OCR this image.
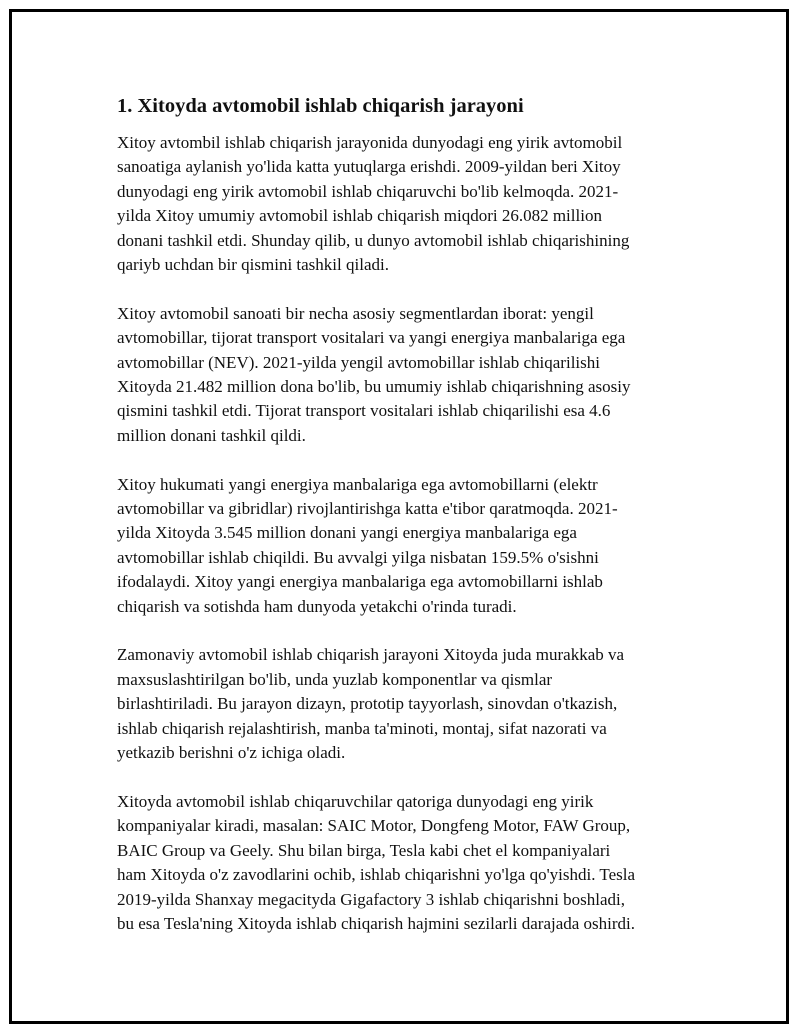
1. Xitoyda avtomobil ishlab chiqarish jarayoni

Xitoy avtombil ishlab chiqarish jarayonida dunyodagi eng yirik avtomobil
sanoatiga aylanish yo'lida katta yutuqlarga erishdi. 2009-yildan beri Xitoy
dunyodagi eng yirik avtomobil ishlab chiqaruvchi bo'lib kelmoqda. 2021-
yilda Xitoy umumiy avtomobil ishlab chiqarish miqdori 26.082 million
donani tashkil etdi. Shunday qilib, u dunyo avtomobil ishlab chiqarishining
qariyb uchdan bir qismini tashkil qiladi.

Xitoy avtomobil sanoati bir necha asosiy segmentlardan iborat: yengil
avtomobillar, tijorat transport vositalari va yangi energiya manbalariga ega
avtomobillar (NEV). 2021-yilda yengil avtomobillar ishlab chiqarilishi
Xitoyda 21.482 million dona bo'lib, bu umumiy ishlab chiqarishning asosiy
qismini tashkil etdi. Tijorat transport vositalari ishlab chiqarilishi esa 4.6
million donani tashkil qildi.

Xitoy hukumati yangi energiya manbalariga ega avtomobillarni (elektr
avtomobillar va gibridlar) rivojlantirishga katta e'tibor qaratmoqda. 2021-
yilda Xitoyda 3.545 million donani yangi energiya manbalariga ega
avtomobillar ishlab chiqildi. Bu avvalgi yilga nisbatan 159.5% o'sishni
ifodalaydi. Xitoy yangi energiya manbalariga ega avtomobillarni ishlab
chiqarish va sotishda ham dunyoda yetakchi o'rinda turadi.

Zamonaviy avtomobil ishlab chiqarish jarayoni Xitoyda juda murakkab va
maxsuslashtirilgan bo'lib, unda yuzlab komponentlar va qismlar
birlashtiriladi. Bu jarayon dizayn, prototip tayyorlash, sinovdan o'tkazish,
ishlab chiqarish rejalashtirish, manba ta'minoti, montaj, sifat nazorati va
yetkazib berishni o'z ichiga oladi.

Xitoyda avtomobil ishlab chiqaruvchilar qatoriga dunyodagi eng yirik
kompaniyalar kiradi, masalan: SAIC Motor, Dongfeng Motor, FAW Group,
BAIC Group va Geely. Shu bilan birga, Tesla kabi chet el kompaniyalari
ham Xitoyda o'z zavodlarini ochib, ishlab chiqarishni yo'lga qo'yishdi. Tesla
2019-yilda Shanxay megacityda Gigafactory 3 ishlab chiqarishni boshladi,
bu esa Tesla'ning Xitoyda ishlab chiqarish hajmini sezilarli darajada oshirdi.
